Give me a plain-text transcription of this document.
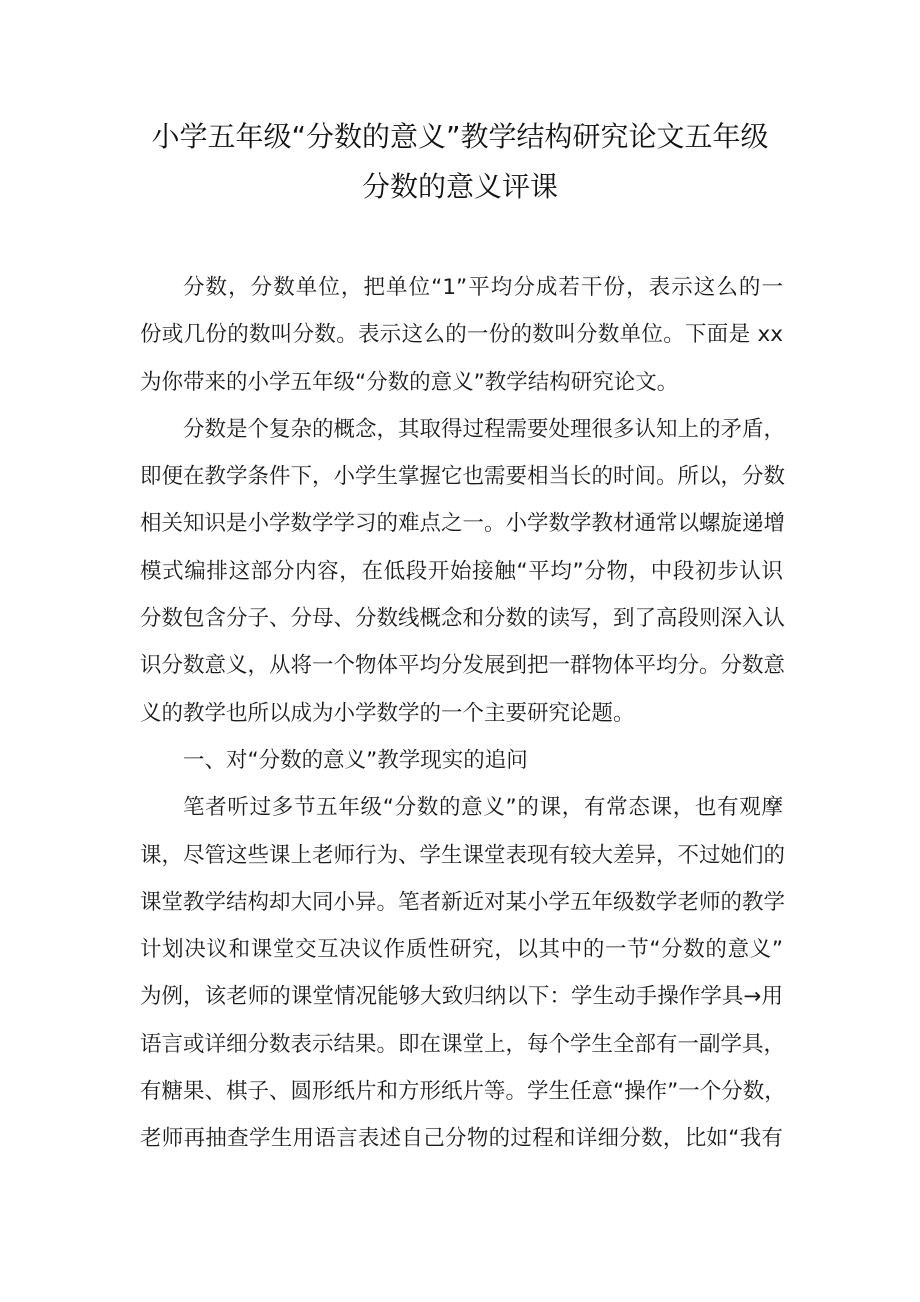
小学五年级“分数的意义”教学结构研究论文五年级
分数的意义评课

分数，分数单位，把单位“1”平均分成若干份，表示这么的一

份或几份的数叫分数。表示这么的一份的数叫分数单位。下面是 xx

为你带来的小学五年级“分数的意义”教学结构研究论文。

分数是个复杂的概念，其取得过程需要处理很多认知上的矛盾，

即便在教学条件下，小学生掌握它也需要相当长的时间。所以，分数

相关知识是小学数学学习的难点之一。小学数学教材通常以螺旋递增

模式编排这部分内容，在低段开始接触“平均”分物，中段初步认识

分数包含分子、分母、分数线概念和分数的读写，到了高段则深入认

识分数意义，从将一个物体平均分发展到把一群物体平均分。分数意

义的教学也所以成为小学数学的一个主要研究论题。

一、对“分数的意义”教学现实的追问

笔者听过多节五年级“分数的意义”的课，有常态课，也有观摩

课，尽管这些课上老师行为、学生课堂表现有较大差异，不过她们的

课堂教学结构却大同小异。笔者新近对某小学五年级数学老师的教学

计划决议和课堂交互决议作质性研究，以其中的一节“分数的意义”

为例，该老师的课堂情况能够大致归纳以下：学生动手操作学具→用

语言或详细分数表示结果。即在课堂上，每个学生全部有一副学具，

有糖果、棋子、圆形纸片和方形纸片等。学生任意“操作”一个分数，

老师再抽查学生用语言表述自己分物的过程和详细分数，比如“我有
